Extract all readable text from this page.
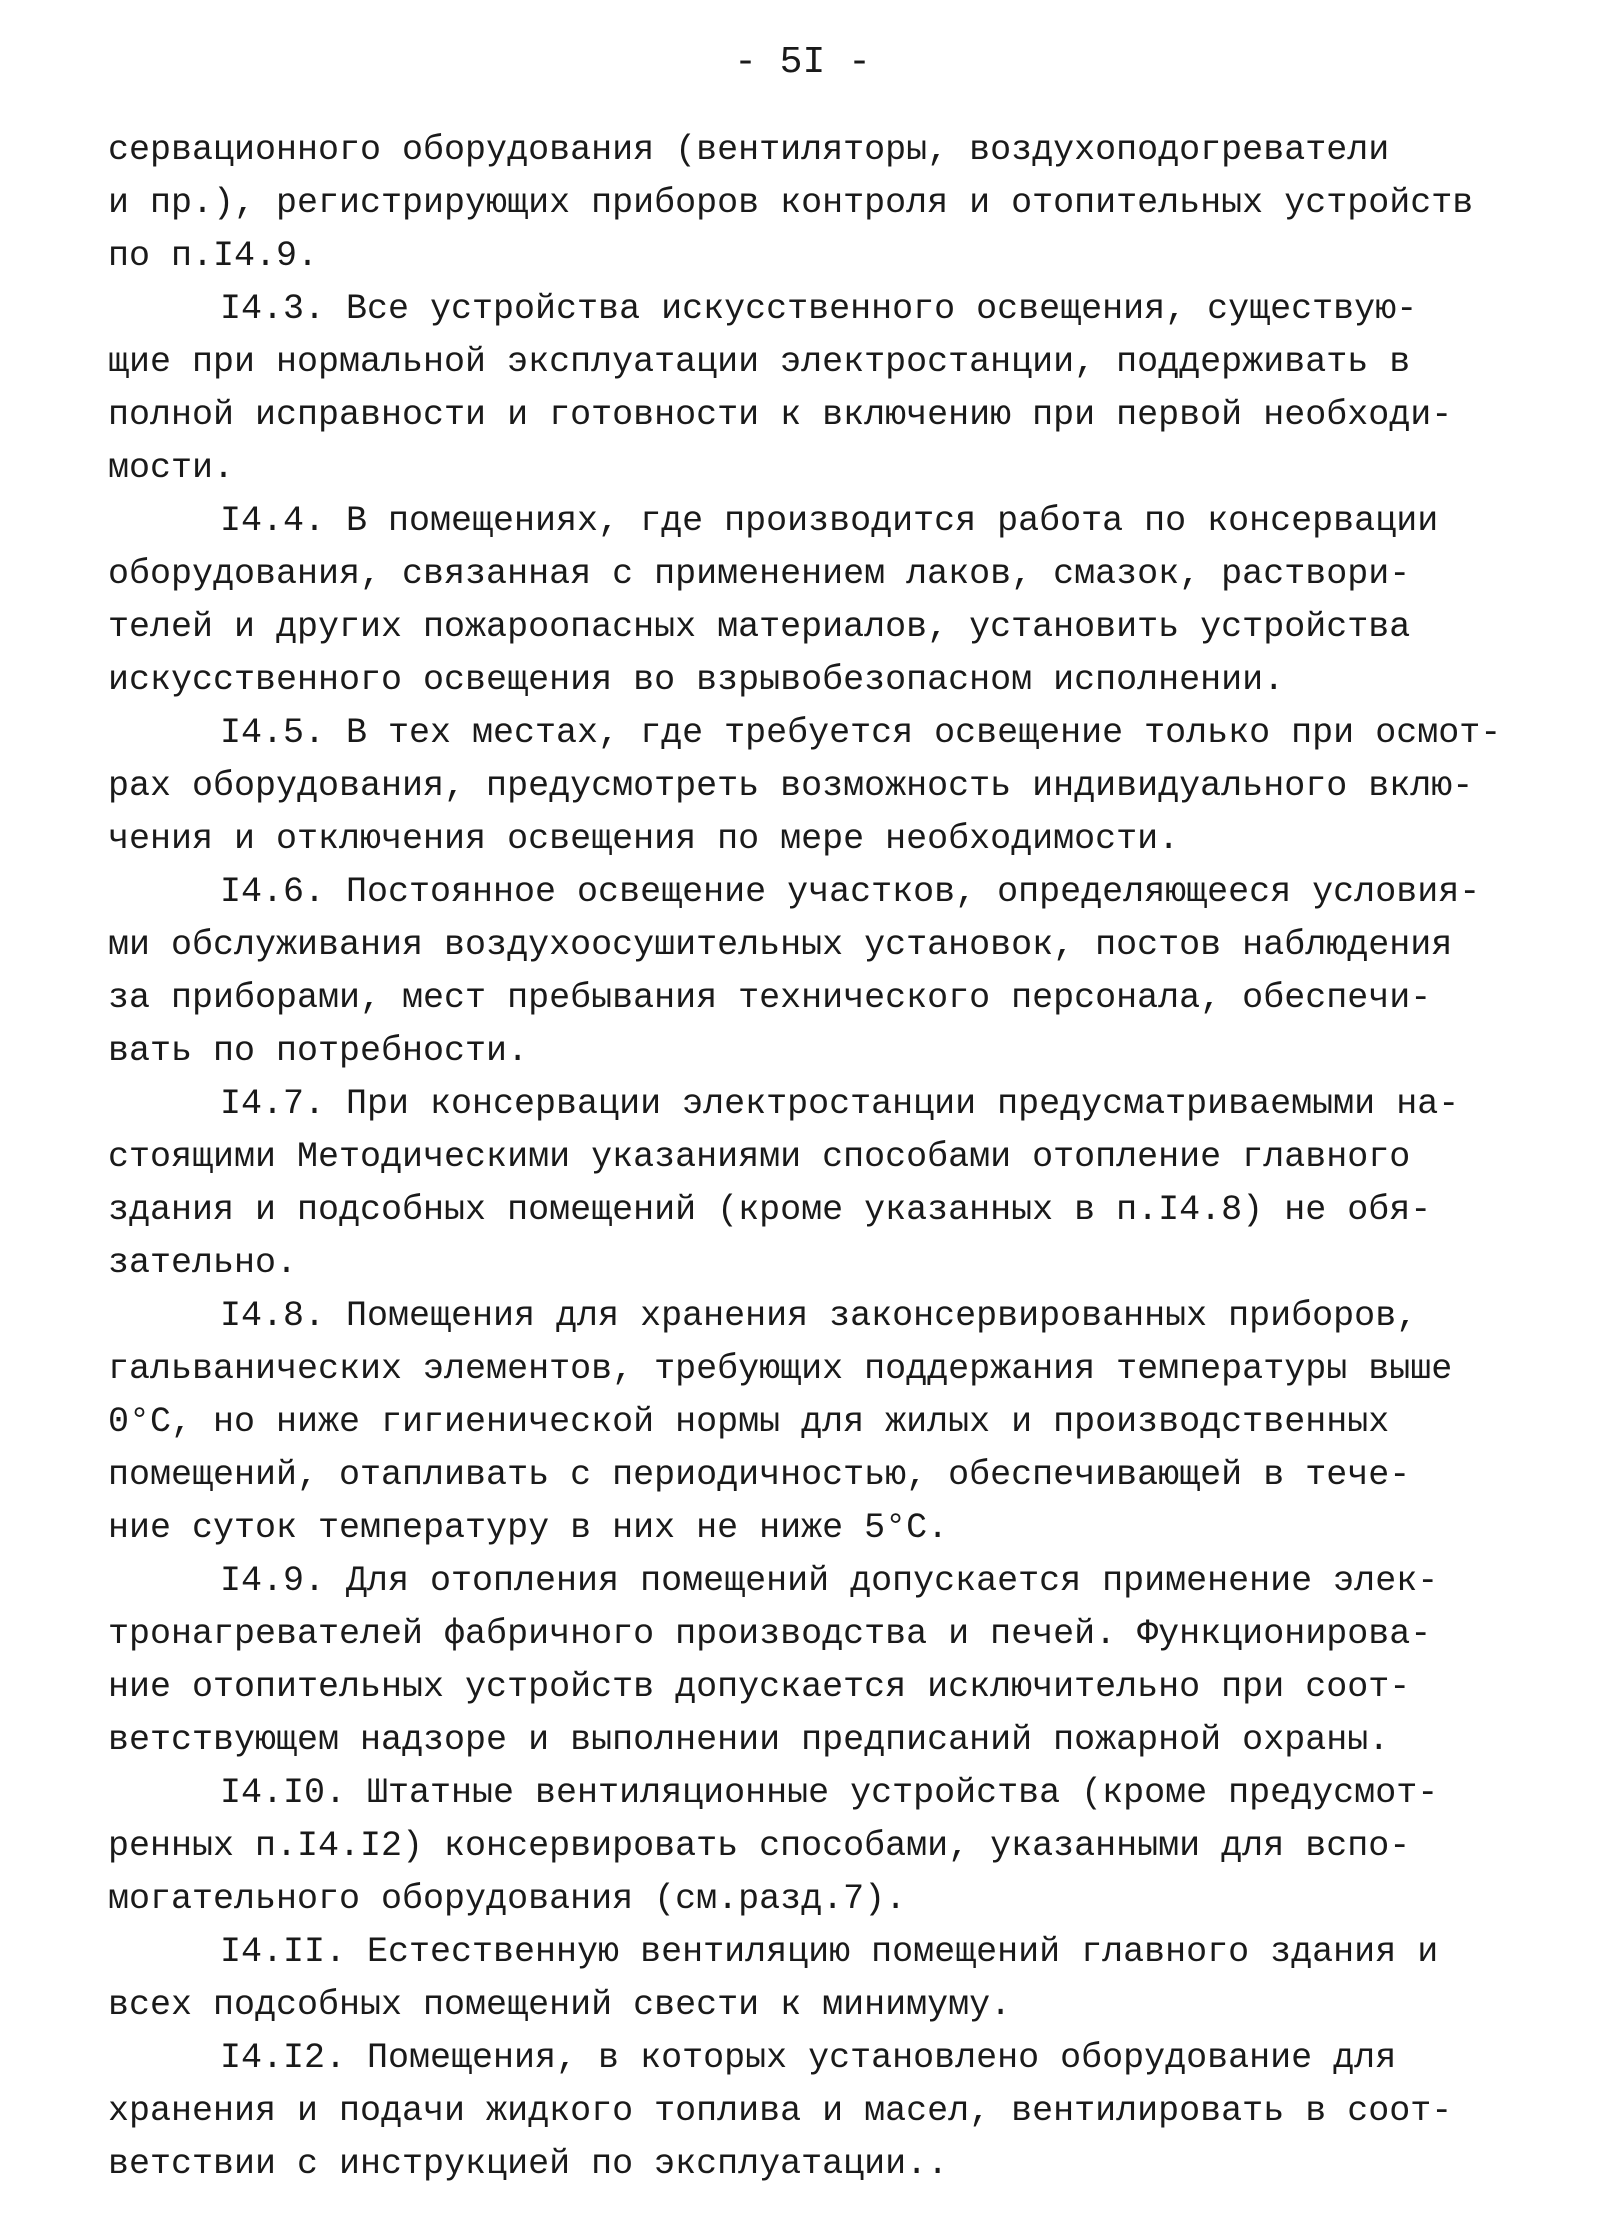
- 5I -
сервационного оборудования (вентиляторы, воздухоподогреватели
и пр.), регистрирующих приборов контроля и отопительных устройств
по п.I4.9.
I4.3. Все устройства искусственного освещения, существую-
щие при нормальной эксплуатации электростанции, поддерживать в
полной исправности и готовности к включению при первой необходи-
мости.
I4.4. В помещениях, где производится работа по консервации
оборудования, связанная с применением лаков, смазок, раствори-
телей и других пожароопасных материалов, установить устройства
искусственного освещения во взрывобезопасном исполнении.
I4.5. В тех местах, где требуется освещение только при осмот-
рах оборудования, предусмотреть возможность индивидуального вклю-
чения и отключения освещения по мере необходимости.
I4.6. Постоянное освещение участков, определяющееся условия-
ми обслуживания воздухоосушительных установок, постов наблюдения
за приборами, мест пребывания технического персонала, обеспечи-
вать по потребности.
I4.7. При консервации электростанции предусматриваемыми на-
стоящими Методическими указаниями способами отопление главного
здания и подсобных помещений (кроме указанных в п.I4.8) не обя-
зательно.
I4.8. Помещения для хранения законсервированных приборов,
гальванических элементов, требующих поддержания температуры выше
0°С, но ниже гигиенической нормы для жилых и производственных
помещений, отапливать с периодичностью, обеспечивающей в тече-
ние суток температуру в них не ниже 5°С.
I4.9. Для отопления помещений допускается применение элек-
тронагревателей фабричного производства и печей. Функционирова-
ние отопительных устройств допускается исключительно при соот-
ветствующем надзоре и выполнении предписаний пожарной охраны.
I4.I0. Штатные вентиляционные устройства (кроме предусмот-
ренных п.I4.I2) консервировать способами, указанными для вспо-
могательного оборудования (см.разд.7).
I4.II. Естественную вентиляцию помещений главного здания и
всех подсобных помещений свести к минимуму.
I4.I2. Помещения, в которых установлено оборудование для
хранения и подачи жидкого топлива и масел, вентилировать в соот-
ветствии с инструкцией по эксплуатации..
